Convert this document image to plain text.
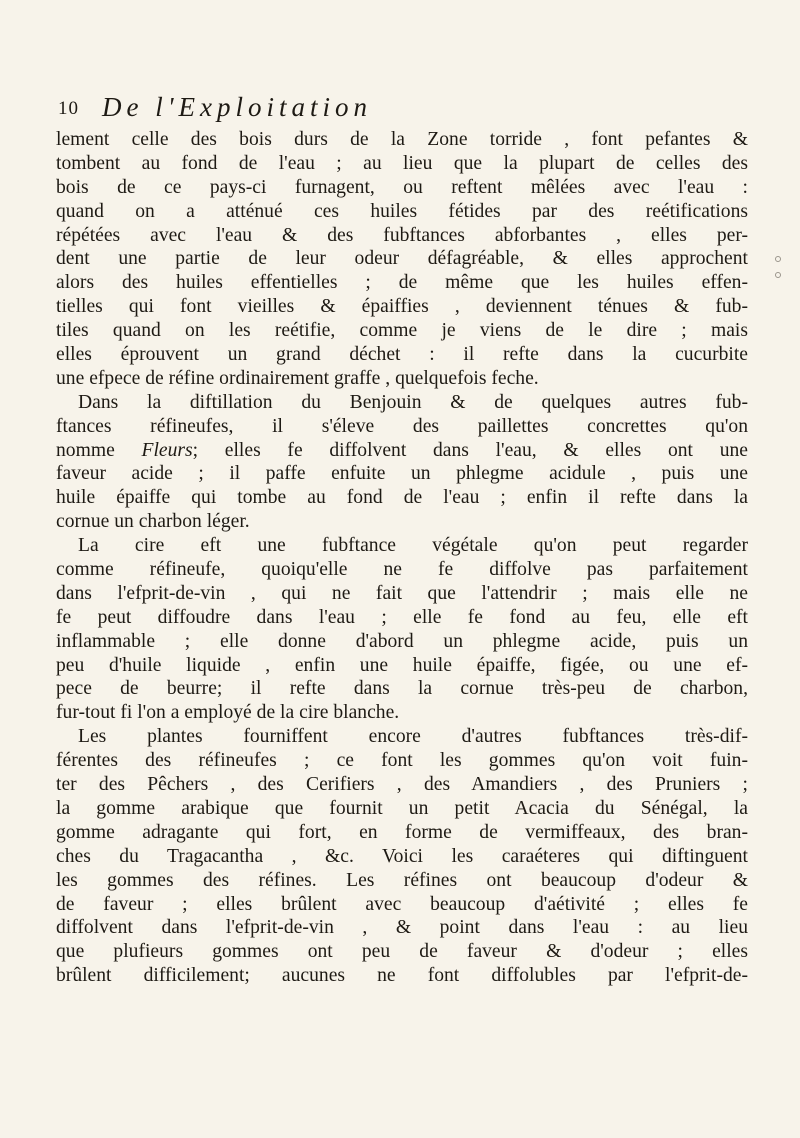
10 De l'Exploitation
lement celle des bois durs de la Zone torride , font pefantes &
tombent au fond de l'eau ; au lieu que la plupart de celles des
bois de ce pays-ci furnagent, ou reftent mêlées avec l'eau :
quand on a atténué ces huiles fétides par des reétifications
répétées avec l'eau & des fubftances abforbantes , elles per-
dent une partie de leur odeur défagréable, & elles approchent
alors des huiles effentielles ; de même que les huiles effen-
tielles qui font vieilles & épaiffies , deviennent ténues & fub-
tiles quand on les reétifie, comme je viens de le dire ; mais
elles éprouvent un grand déchet : il refte dans la cucurbite
une efpece de réfine ordinairement graffe , quelquefois feche.
Dans la diftillation du Benjouin & de quelques autres fub-
ftances réfineufes, il s'éleve des paillettes concrettes qu'on
nomme Fleurs; elles fe diffolvent dans l'eau, & elles ont une
faveur acide ; il paffe enfuite un phlegme acidule , puis une
huile épaiffe qui tombe au fond de l'eau ; enfin il refte dans la
cornue un charbon léger.
La cire eft une fubftance végétale qu'on peut regarder
comme réfineufe, quoiqu'elle ne fe diffolve pas parfaitement
dans l'efprit-de-vin , qui ne fait que l'attendrir ; mais elle ne
fe peut diffoudre dans l'eau ; elle fe fond au feu, elle eft
inflammable ; elle donne d'abord un phlegme acide, puis un
peu d'huile liquide , enfin une huile épaiffe, figée, ou une ef-
pece de beurre; il refte dans la cornue très-peu de charbon,
fur-tout fi l'on a employé de la cire blanche.
Les plantes fourniffent encore d'autres fubftances très-dif-
férentes des réfineufes ; ce font les gommes qu'on voit fuin-
ter des Pêchers , des Cerifiers , des Amandiers , des Pruniers ;
la gomme arabique que fournit un petit Acacia du Sénégal, la
gomme adragante qui fort, en forme de vermiffeaux, des bran-
ches du Tragacantha , &c. Voici les caraéteres qui diftinguent
les gommes des réfines. Les réfines ont beaucoup d'odeur &
de faveur ; elles brûlent avec beaucoup d'aétivité ; elles fe
diffolvent dans l'efprit-de-vin , & point dans l'eau : au lieu
que plufieurs gommes ont peu de faveur & d'odeur ; elles
brûlent difficilement; aucunes ne font diffolubles par l'efprit-de-
